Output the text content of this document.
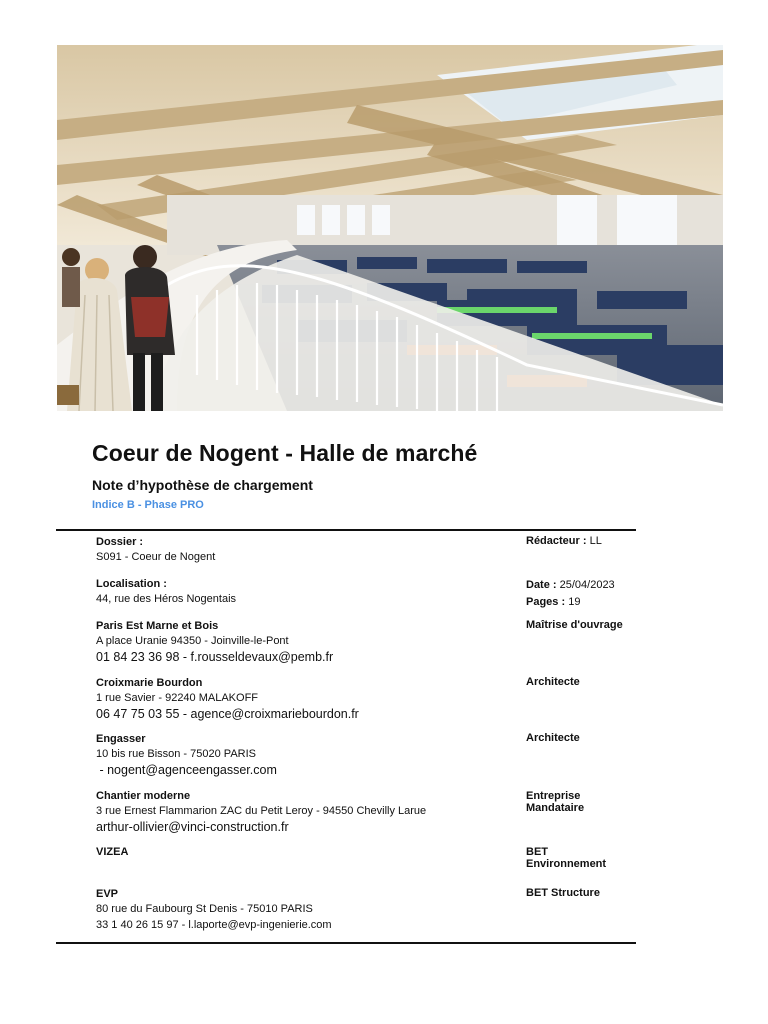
Coeur de Nogent - Halle de marché
Note d’hypothèse de chargement

Indice B - Phase PRO

Dossier :
S091 - Coeur de Nogent
Rédacteur : LL
Localisation :
44, rue des Héros Nogentais
Date : 25/04/2023
Pages : 19
Paris Est Marne et Bois
A place Uranie 94350 - Joinville-le-Pont
01 84 23 36 98 - f.rousseldevaux@pemb.fr
Maîtrise d'ouvrage
Croixmarie Bourdon
1 rue Savier - 92240 MALAKOFF
06 47 75 03 55 - agence@croixmariebourdon.fr
Architecte
Engasser
10 bis rue Bisson - 75020 PARIS
- nogent@agenceengasser.com
Architecte
Chantier moderne
3 rue Ernest Flammarion ZAC du Petit Leroy - 94550 Chevilly Larue
arthur-ollivier@vinci-construction.fr
Entreprise
Mandataire
VIZEA	BET
Environnement
EVP
80 rue du Faubourg St Denis - 75010 PARIS
33 1 40 26 15 97 - l.laporte@evp-ingenierie.com
BET Structure
